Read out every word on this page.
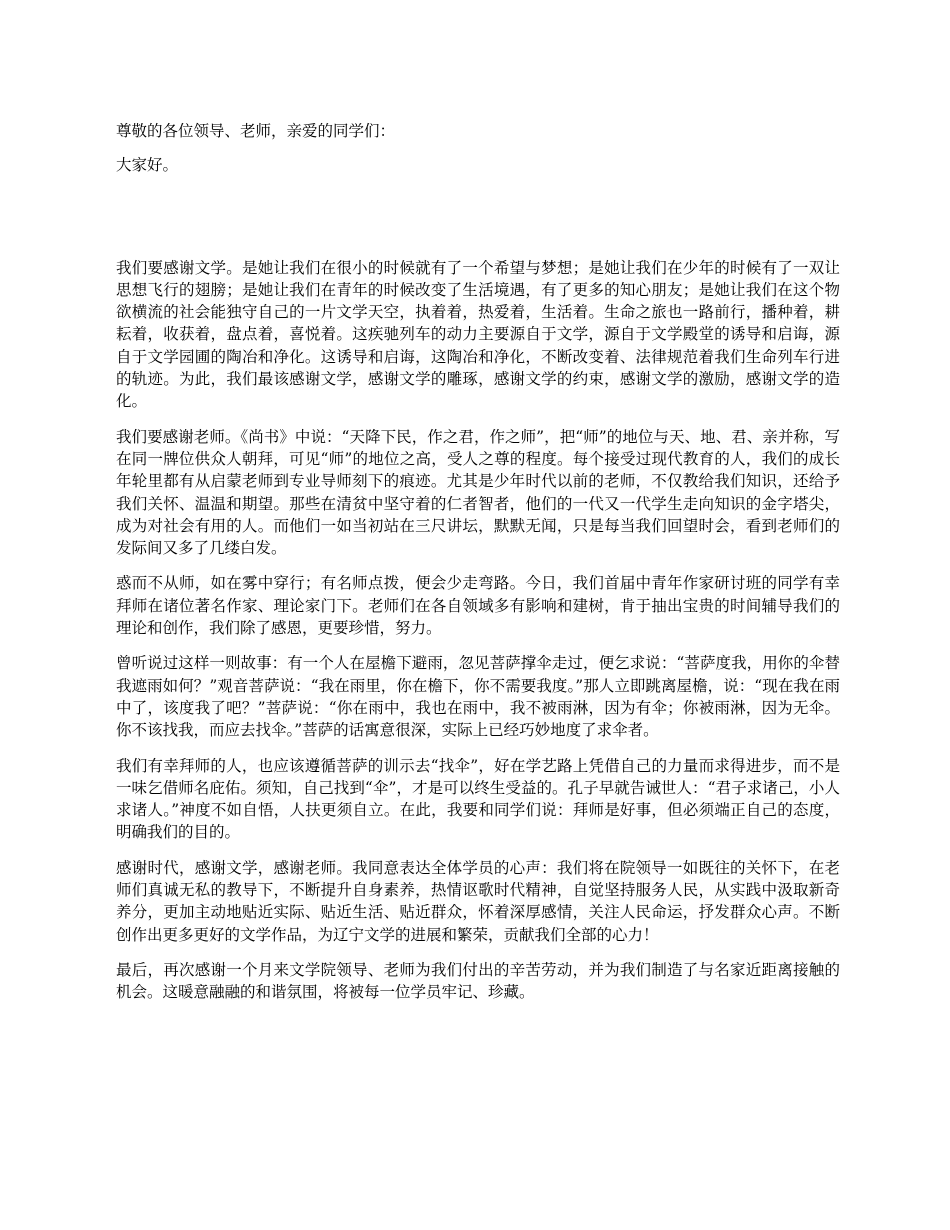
尊敬的各位领导、老师，亲爱的同学们：

大家好。

我们要感谢文学。是她让我们在很小的时候就有了一个希望与梦想；是她让我们在少年的时候有了一双让思想飞行的翅膀；是她让我们在青年的时候改变了生活境遇，有了更多的知心朋友；是她让我们在这个物欲横流的社会能独守自己的一片文学天空，执着着，热爱着，生活着。生命之旅也一路前行，播种着，耕耘着，收获着，盘点着，喜悦着。这疾驰列车的动力主要源自于文学，源自于文学殿堂的诱导和启诲，源自于文学园圃的陶冶和净化。这诱导和启诲，这陶冶和净化，不断改变着、法律规范着我们生命列车行进的轨迹。为此，我们最该感谢文学，感谢文学的雕琢，感谢文学的约束，感谢文学的激励，感谢文学的造化。

我们要感谢老师。《尚书》中说：“天降下民，作之君，作之师”，把“师”的地位与天、地、君、亲并称，写在同一牌位供众人朝拜，可见“师”的地位之高，受人之尊的程度。每个接受过现代教育的人，我们的成长年轮里都有从启蒙老师到专业导师刻下的痕迹。尤其是少年时代以前的老师，不仅教给我们知识，还给予我们关怀、温温和期望。那些在清贫中坚守着的仁者智者，他们的一代又一代学生走向知识的金字塔尖，成为对社会有用的人。而他们一如当初站在三尺讲坛，默默无闻，只是每当我们回望时会，看到老师们的发际间又多了几缕白发。

惑而不从师，如在雾中穿行；有名师点拨，便会少走弯路。今日，我们首届中青年作家研讨班的同学有幸拜师在诸位著名作家、理论家门下。老师们在各自领域多有影响和建树，肯于抽出宝贵的时间辅导我们的理论和创作，我们除了感恩，更要珍惜，努力。

曾听说过这样一则故事：有一个人在屋檐下避雨，忽见菩萨撑伞走过，便乞求说：“菩萨度我，用你的伞替我遮雨如何？”观音菩萨说：“我在雨里，你在檐下，你不需要我度。”那人立即跳离屋檐，说：“现在我在雨中了，该度我了吧？”菩萨说：“你在雨中，我也在雨中，我不被雨淋，因为有伞；你被雨淋，因为无伞。你不该找我，而应去找伞。”菩萨的话寓意很深，实际上已经巧妙地度了求伞者。

我们有幸拜师的人，也应该遵循菩萨的训示去“找伞”，好在学艺路上凭借自己的力量而求得进步，而不是一味乞借师名庇佑。须知，自己找到“伞”，才是可以终生受益的。孔子早就告诫世人：“君子求诸己，小人求诸人。”神度不如自悟，人扶更须自立。在此，我要和同学们说：拜师是好事，但必须端正自己的态度，明确我们的目的。

感谢时代，感谢文学，感谢老师。我同意表达全体学员的心声：我们将在院领导一如既往的关怀下，在老师们真诚无私的教导下，不断提升自身素养，热情讴歌时代精神，自觉坚持服务人民，从实践中汲取新奇养分，更加主动地贴近实际、贴近生活、贴近群众，怀着深厚感情，关注人民命运，抒发群众心声。不断创作出更多更好的文学作品，为辽宁文学的进展和繁荣，贡献我们全部的心力！

最后，再次感谢一个月来文学院领导、老师为我们付出的辛苦劳动，并为我们制造了与名家近距离接触的机会。这暖意融融的和谐氛围，将被每一位学员牢记、珍藏。
